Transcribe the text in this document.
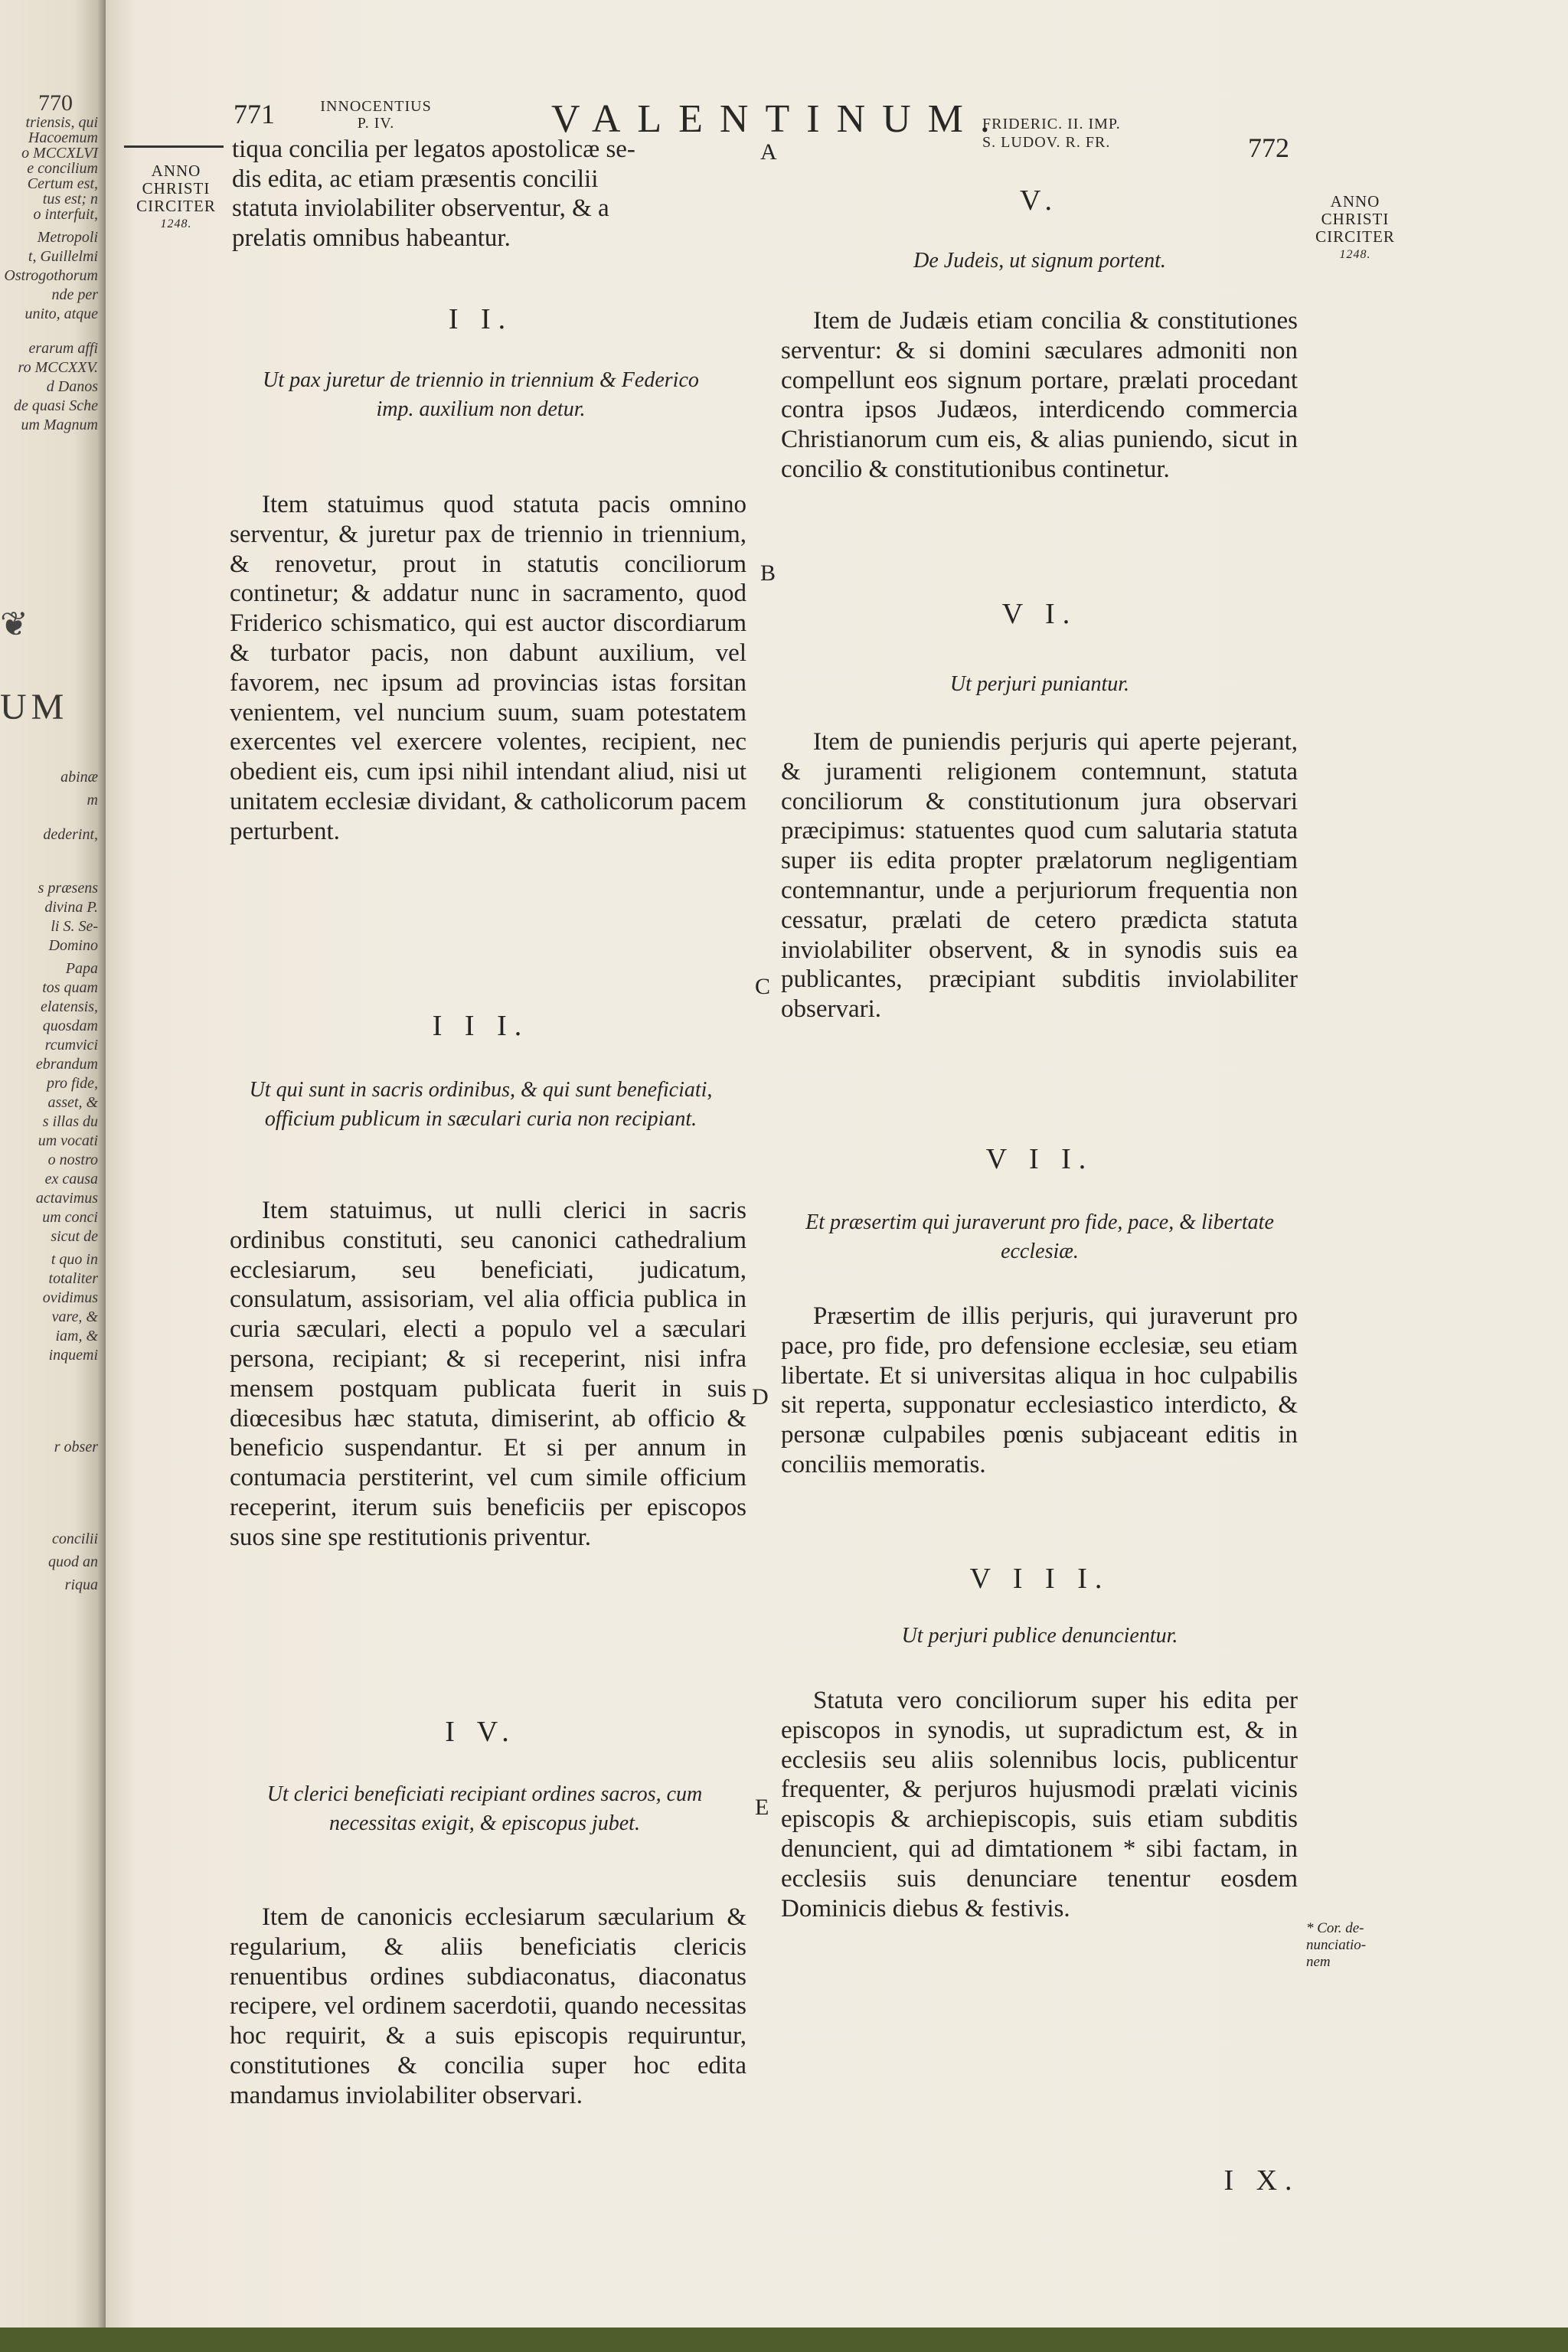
770
❦
UM
triensis, qui
Hacoemum
o MCCXLVI
e concilium
Certum est,
tus est; n
o interfuit,
Metropoli
t, Guillelmi
Ostrogothorum
nde per
unito, atque
erarum affi
ro MCCXXV.
d Danos
de quasi Sche
um Magnum
abinæ
m
dederint,
s præsens
divina P.
li S. Se-
Domino
Papa
tos quam
elatensis,
quosdam
rcumvici
ebrandum
pro fide,
asset, &
s illas du
um vocati
o nostro
ex causa
actavimus
um conci
sicut de
t quo in
totaliter
ovidimus
vare, &
iam, &
inquemi
r obser
concilii
quod an
riqua
771	INNOCENTIUS
P. IV.	VALENTINUM.
FRIDERIC. II. IMP.
S. LUDOV. R. FR.	772
ANNO
CHRISTI
CIRCITER
1248.
ANNO
CHRISTI
CIRCITER
1248.
A
B
C
D
E
tiqua concilia per legatos apostolicæ se-
dis edita, ac etiam præsentis concilii
statuta inviolabiliter observentur, & a
prelatis omnibus habeantur.
I I.
Ut pax juretur de triennio in triennium & Federico imp. auxilium non detur.
Item statuimus quod statuta pacis omnino serventur, & juretur pax de triennio in triennium, & renovetur, prout in statutis conciliorum continetur; & addatur nunc in sacramento, quod Friderico schismatico, qui est auctor discordiarum & turbator pacis, non dabunt auxilium, vel favorem, nec ipsum ad provincias istas forsitan venientem, vel nuncium suum, suam potestatem exercentes vel exercere volentes, recipient, nec obedient eis, cum ipsi nihil intendant aliud, nisi ut unitatem ecclesiæ dividant, & catholicorum pacem perturbent.
I I I.
Ut qui sunt in sacris ordinibus, & qui sunt beneficiati, officium publicum in sæculari curia non recipiant.
Item statuimus, ut nulli clerici in sacris ordinibus constituti, seu canonici cathedralium ecclesiarum, seu beneficiati, judicatum, consulatum, assisoriam, vel alia officia publica in curia sæculari, electi a populo vel a sæculari persona, recipiant; & si receperint, nisi infra mensem postquam publicata fuerit in suis diœcesibus hæc statuta, dimiserint, ab officio & beneficio suspendantur. Et si per annum in contumacia perstiterint, vel cum simile officium receperint, iterum suis beneficiis per episcopos suos sine spe restitutionis priventur.
I V.
Ut clerici beneficiati recipiant ordines sacros, cum necessitas exigit, & episcopus jubet.
Item de canonicis ecclesiarum sæcularium & regularium, & aliis beneficiatis clericis renuentibus ordines subdiaconatus, diaconatus recipere, vel ordinem sacerdotii, quando necessitas hoc requirit, & a suis episcopis requiruntur, constitutiones & concilia super hoc edita mandamus inviolabiliter observari.
V.
De Judeis, ut signum portent.
Item de Judæis etiam concilia & constitutiones serventur: & si domini sæculares admoniti non compellunt eos signum portare, prælati procedant contra ipsos Judæos, interdicendo commercia Christianorum cum eis, & alias puniendo, sicut in concilio & constitutionibus continetur.
V I.
Ut perjuri puniantur.
Item de puniendis perjuris qui aperte pejerant, & juramenti religionem contemnunt, statuta conciliorum & constitutionum jura observari præcipimus: statuentes quod cum salutaria statuta super iis edita propter prælatorum negligentiam contemnantur, unde a perjuriorum frequentia non cessatur, prælati de cetero prædicta statuta inviolabiliter observent, & in synodis suis ea publicantes, præcipiant subditis inviolabiliter observari.
V I I.
Et præsertim qui juraverunt pro fide, pace, & libertate ecclesiæ.
Præsertim de illis perjuris, qui juraverunt pro pace, pro fide, pro defensione ecclesiæ, seu etiam libertate. Et si universitas aliqua in hoc culpabilis sit reperta, supponatur ecclesiastico interdicto, & personæ culpabiles pœnis subjaceant editis in conciliis memoratis.
V I I I.
Ut perjuri publice denuncientur.
Statuta vero conciliorum super his edita per episcopos in synodis, ut supradictum est, & in ecclesiis seu aliis solennibus locis, publicentur frequenter, & perjuros hujusmodi prælati vicinis episcopis & archiepiscopis, suis etiam subditis denuncient, qui ad dimtationem * sibi factam, in ecclesiis suis denunciare tenentur eosdem Dominicis diebus & festivis.
* Cor. de-
nunciatio-
nem
I X.
